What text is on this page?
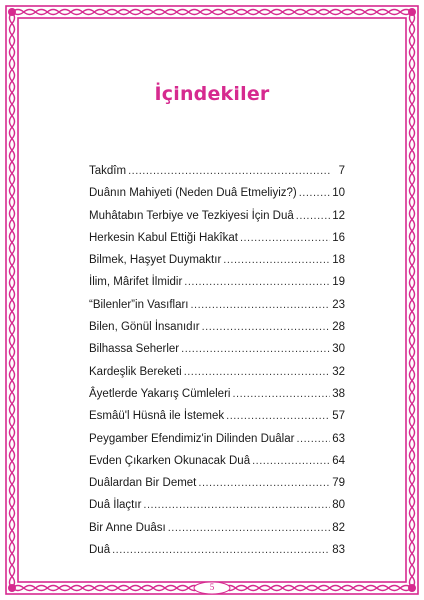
İçindekiler
Takdîm .....	7
Duânın Mahiyeti (Neden Duâ Etmeliyiz?) .....	10
Muhâtabın Terbiye ve Tezkiyesi İçin Duâ .....	12
Herkesin Kabul Ettiği Hakîkat .....	16
Bilmek, Haşyet Duymaktır .....	18
İlim, Mârifet İlmidir .....	19
“Bilenler”in Vasıfları .....	23
Bilen, Gönül İnsanıdır .....	28
Bilhassa Seherler .....	30
Kardeşlik Bereketi .....	32
Âyetlerde Yakarış Cümleleri .....	38
Esmâü'l Hüsnâ ile İstemek .....	57
Peygamber Efendimiz'in Dilinden Duâlar .....	63
Evden Çıkarken Okunacak Duâ .....	64
Duâlardan Bir Demet .....	79
Duâ İlaçtır .....	80
Bir Anne Duâsı .....	82
Duâ .....	83
5
